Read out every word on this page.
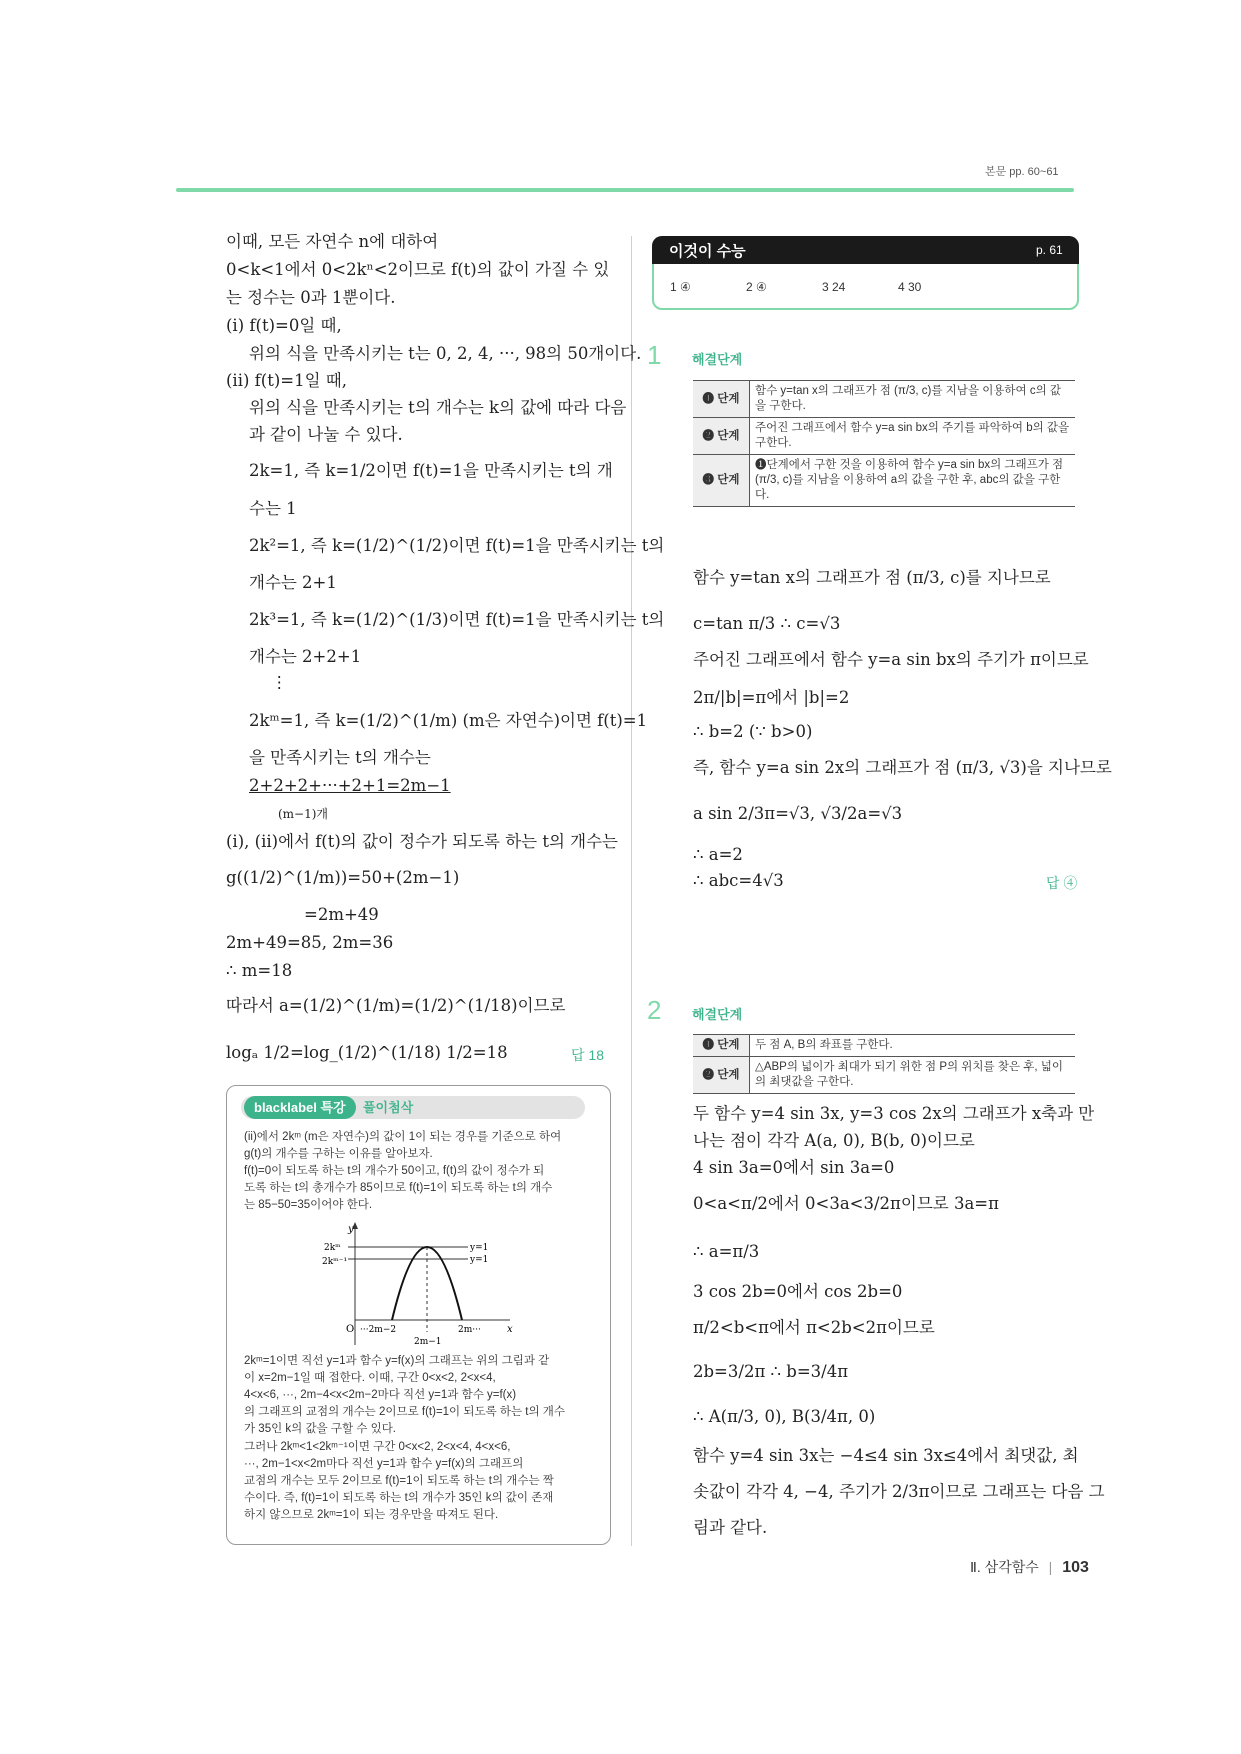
본문 pp. 60~61
이때, 모든 자연수 n에 대하여
0<k<1에서 0<2kⁿ<2이므로 f(t)의 값이 가질 수 있
는 정수는 0과 1뿐이다.
(i) f(t)=0일 때,
위의 식을 만족시키는 t는 0, 2, 4, ···, 98의 50개이다.
(ii) f(t)=1일 때,
위의 식을 만족시키는 t의 개수는 k의 값에 따라 다음
과 같이 나눌 수 있다.
2k=1, 즉 k=1/2이면 f(t)=1을 만족시키는 t의 개
수는 1
2k²=1, 즉 k=(1/2)^(1/2)이면 f(t)=1을 만족시키는 t의
개수는 2+1
2k³=1, 즉 k=(1/2)^(1/3)이면 f(t)=1을 만족시키는 t의
개수는 2+2+1
⋮
2kᵐ=1, 즉 k=(1/2)^(1/m) (m은 자연수)이면 f(t)=1
을 만족시키는 t의 개수는
2+2+2+···+2+1=2m−1
(m−1)개
(i), (ii)에서 f(t)의 값이 정수가 되도록 하는 t의 개수는
g((1/2)^(1/m))=50+(2m−1)
=2m+49
2m+49=85, 2m=36
∴ m=18
따라서 a=(1/2)^(1/m)=(1/2)^(1/18)이므로
logₐ 1/2=log_(1/2)^(1/18) 1/2=18	답 18
blacklabel 특강	풀이첨삭
(ii)에서 2kᵐ (m은 자연수)의 값이 1이 되는 경우를 기준으로 하여
g(t)의 개수를 구하는 이유를 알아보자.
f(t)=0이 되도록 하는 t의 개수가 50이고, f(t)의 값이 정수가 되
도록 하는 t의 총개수가 85이므로 f(t)=1이 되도록 하는 t의 개수
는 85−50=35이어야 한다.
y
x
O
2kᵐ
2kᵐ⁻¹
y=1
y=1
···2m−2
2m−1
2m···
2kᵐ=1이면 직선 y=1과 함수 y=f(x)의 그래프는 위의 그림과 같
이 x=2m−1일 때 접한다. 이때, 구간 0<x<2, 2<x<4,
4<x<6, ···, 2m−4<x<2m−2마다 직선 y=1과 함수 y=f(x)
의 그래프의 교점의 개수는 2이므로 f(t)=1이 되도록 하는 t의 개수
가 35인 k의 값을 구할 수 있다.
그러나 2kᵐ<1<2kᵐ⁻¹이면 구간 0<x<2, 2<x<4, 4<x<6,
···, 2m−1<x<2m마다 직선 y=1과 함수 y=f(x)의 그래프의
교점의 개수는 모두 2이므로 f(t)=1이 되도록 하는 t의 개수는 짝
수이다. 즉, f(t)=1이 되도록 하는 t의 개수가 35인 k의 값이 존재
하지 않으므로 2kᵐ=1이 되는 경우만을 따져도 된다.
이것이 수능	p. 61
1 ④	2 ④	3 24	4 30
1 해결단계
❶ 단계	함수 y=tan x의 그래프가 점 (π/3, c)를 지남을 이용하여 c의 값을 구한다.
❷ 단계	주어진 그래프에서 함수 y=a sin bx의 주기를 파악하여 b의 값을 구한다.
❸ 단계	❶단계에서 구한 것을 이용하여 함수 y=a sin bx의 그래프가 점 (π/3, c)를 지남을 이용하여 a의 값을 구한 후, abc의 값을 구한다.
함수 y=tan x의 그래프가 점 (π/3, c)를 지나므로
c=tan π/3 ∴ c=√3
주어진 그래프에서 함수 y=a sin bx의 주기가 π이므로
2π/|b|=π에서 |b|=2
∴ b=2 (∵ b>0)
즉, 함수 y=a sin 2x의 그래프가 점 (π/3, √3)을 지나므로
a sin 2/3π=√3, √3/2a=√3
∴ a=2
∴ abc=4√3	답 ④
2 해결단계
❶ 단계	두 점 A, B의 좌표를 구한다.
❷ 단계	△ABP의 넓이가 최대가 되기 위한 점 P의 위치를 찾은 후, 넓이의 최댓값을 구한다.
두 함수 y=4 sin 3x, y=3 cos 2x의 그래프가 x축과 만
나는 점이 각각 A(a, 0), B(b, 0)이므로
4 sin 3a=0에서 sin 3a=0
0<a<π/2에서 0<3a<3/2π이므로 3a=π
∴ a=π/3
3 cos 2b=0에서 cos 2b=0
π/2<b<π에서 π<2b<2π이므로
2b=3/2π ∴ b=3/4π
∴ A(π/3, 0), B(3/4π, 0)
함수 y=4 sin 3x는 −4≤4 sin 3x≤4에서 최댓값, 최
솟값이 각각 4, −4, 주기가 2/3π이므로 그래프는 다음 그
림과 같다.
Ⅱ. 삼각함수 | 103
